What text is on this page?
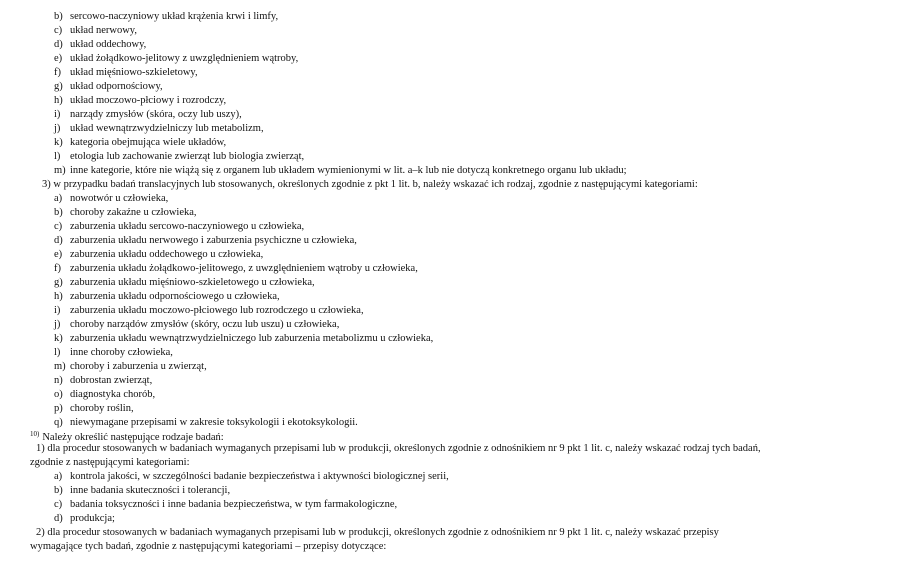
b) sercowo-naczyniowy układ krążenia krwi i limfy,
c) układ nerwowy,
d) układ oddechowy,
e) układ żołądkowo-jelitowy z uwzględnieniem wątroby,
f) układ mięśniowo-szkieletowy,
g) układ odpornościowy,
h) układ moczowo-płciowy i rozrodczy,
i) narządy zmysłów (skóra, oczy lub uszy),
j) układ wewnątrzwydzielniczy lub metabolizm,
k) kategoria obejmująca wiele układów,
l) etologia lub zachowanie zwierząt lub biologia zwierząt,
m) inne kategorie, które nie wiążą się z organem lub układem wymienionymi w lit. a–k lub nie dotyczą konkretnego organu lub układu;
3) w przypadku badań translacyjnych lub stosowanych, określonych zgodnie z pkt 1 lit. b, należy wskazać ich rodzaj, zgodnie z następującymi kategoriami:
a) nowotwór u człowieka,
b) choroby zakaźne u człowieka,
c) zaburzenia układu sercowo-naczyniowego u człowieka,
d) zaburzenia układu nerwowego i zaburzenia psychiczne u człowieka,
e) zaburzenia układu oddechowego u człowieka,
f) zaburzenia układu żołądkowo-jelitowego, z uwzględnieniem wątroby u człowieka,
g) zaburzenia układu mięśniowo-szkieletowego u człowieka,
h) zaburzenia układu odpornościowego u człowieka,
i) zaburzenia układu moczowo-płciowego lub rozrodczego u człowieka,
j) choroby narządów zmysłów (skóry, oczu lub uszu) u człowieka,
k) zaburzenia układu wewnątrzwydzielniczego lub zaburzenia metabolizmu u człowieka,
l) inne choroby człowieka,
m) choroby i zaburzenia u zwierząt,
n) dobrostan zwierząt,
o) diagnostyka chorób,
p) choroby roślin,
q) niewymagane przepisami w zakresie toksykologii i ekotoksykologii.
$^{10)}$ Należy określić następujące rodzaje badań:
1) dla procedur stosowanych w badaniach wymaganych przepisami lub w produkcji, określonych zgodnie z odnośnikiem nr 9 pkt 1 lit. c, należy wskazać rodzaj tych badań,
zgodnie z następującymi kategoriami:
a) kontrola jakości, w szczególności badanie bezpieczeństwa i aktywności biologicznej serii,
b) inne badania skuteczności i tolerancji,
c) badania toksyczności i inne badania bezpieczeństwa, w tym farmakologiczne,
d) produkcja;
2) dla procedur stosowanych w badaniach wymaganych przepisami lub w produkcji, określonych zgodnie z odnośnikiem nr 9 pkt 1 lit. c, należy wskazać przepisy
wymagające tych badań, zgodnie z następującymi kategoriami – przepisy dotyczące:
